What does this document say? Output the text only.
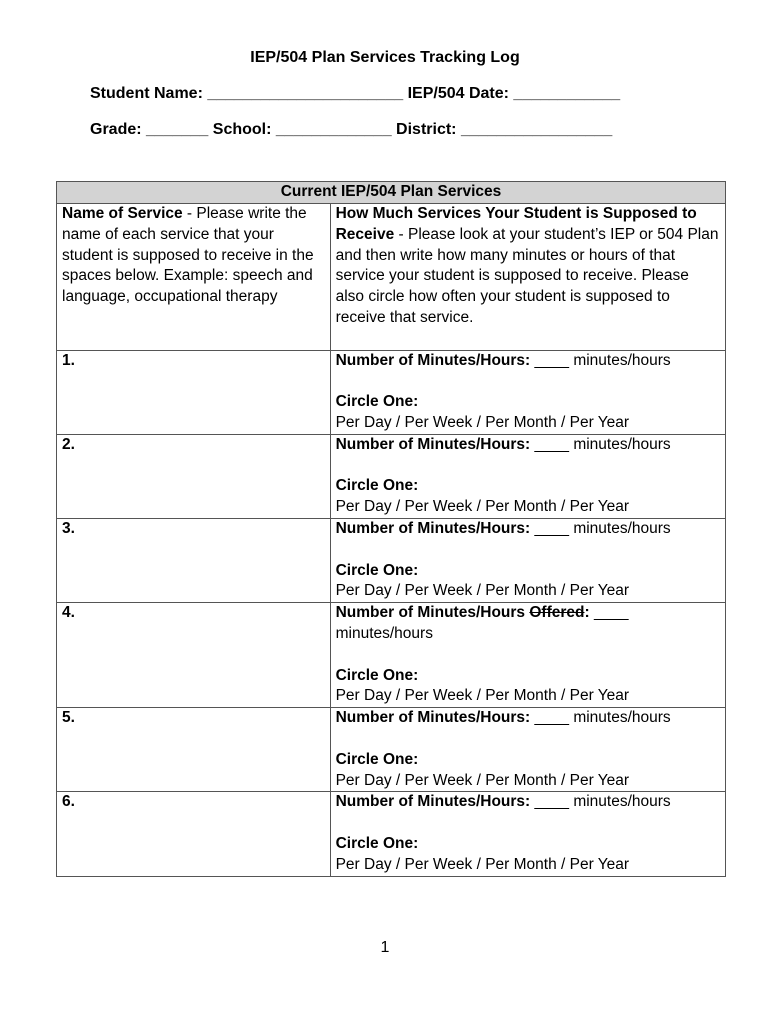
IEP/504 Plan Services Tracking Log
Student Name: ______________________ IEP/504 Date: ____________
Grade: _______ School: _____________ District: _________________
Current IEP/504 Plan Services	
Name of Service - Please write the name of each service that your student is supposed to receive in the spaces below. Example: speech and language, occupational therapy	How Much Services Your Student is Supposed to Receive - Please look at your student’s IEP or 504 Plan and then write how many minutes or hours of that service your student is supposed to receive. Please also circle how often your student is supposed to receive that service.

1.	Number of Minutes/Hours: ____ minutes/hours
Circle One:
Per Day / Per Week / Per Month / Per Year

2.	Number of Minutes/Hours: ____ minutes/hours
Circle One:
Per Day / Per Week / Per Month / Per Year

3.	Number of Minutes/Hours: ____ minutes/hours
Circle One:
Per Day / Per Week / Per Month / Per Year

4.	Number of Minutes/Hours Offered: ____
minutes/hours
Circle One:
Per Day / Per Week / Per Month / Per Year

5.	Number of Minutes/Hours: ____ minutes/hours
Circle One:
Per Day / Per Week / Per Month / Per Year

6.	Number of Minutes/Hours: ____ minutes/hours
Circle One:
Per Day / Per Week / Per Month / Per Year
1
